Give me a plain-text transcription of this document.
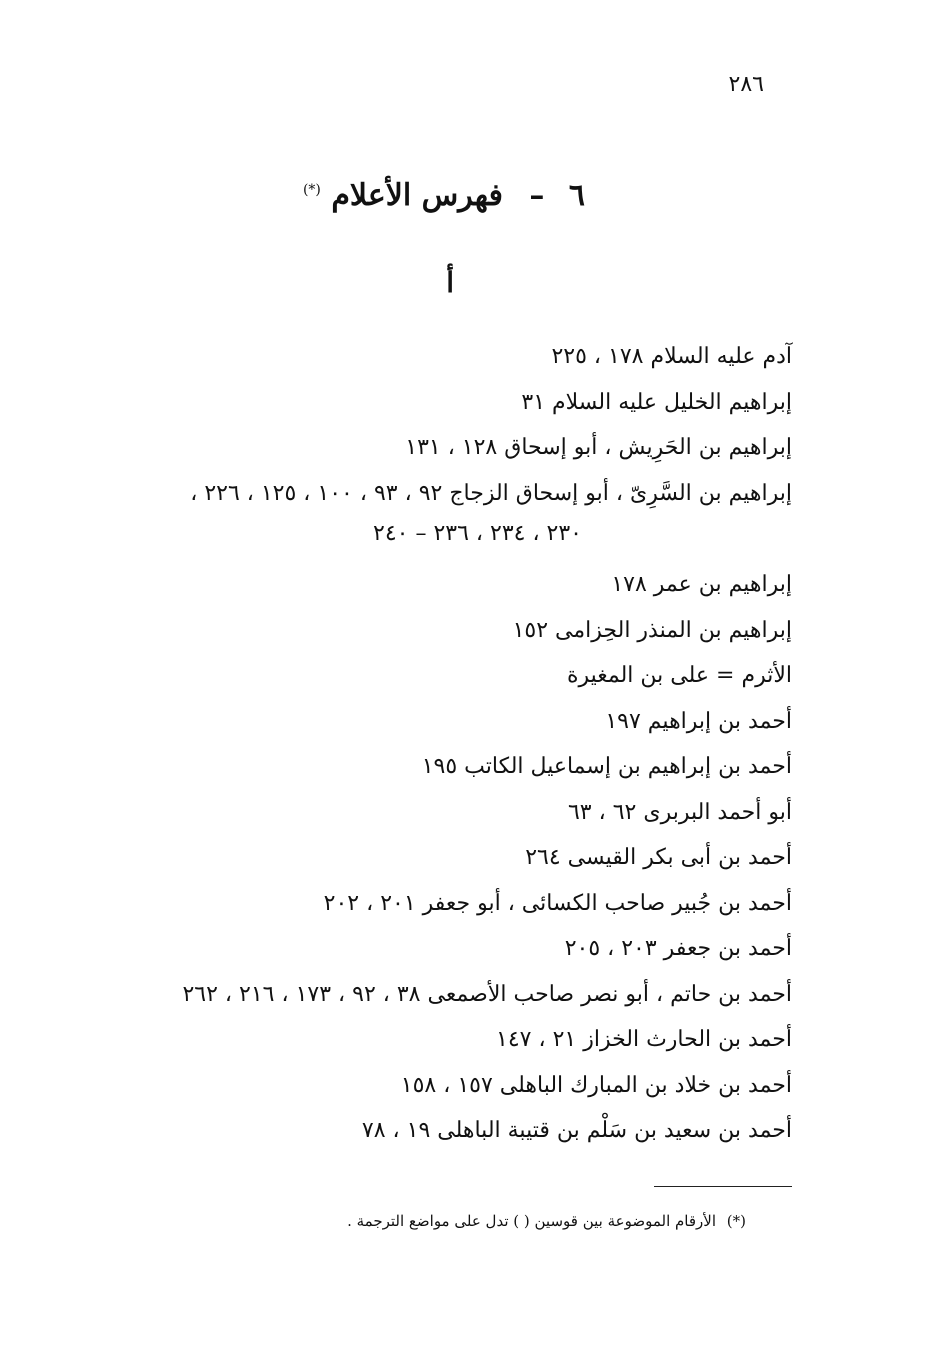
٢٨٦
٦ – فهرس الأعلام (*)
أ
آدم عليه السلام ١٧٨ ، ٢٢٥
إبراهيم الخليل عليه السلام ٣١
إبراهيم بن الحَرِيش ، أبو إسحاق ١٢٨ ، ١٣١
إبراهيم بن السَّرِىّ ، أبو إسحاق الزجاج ٩٢ ، ٩٣ ، ١٠٠ ، ١٢٥ ، ٢٢٦ ،
٢٣٠ ، ٢٣٤ ، ٢٣٦ – ٢٤٠
إبراهيم بن عمر ١٧٨
إبراهيم بن المنذر الحِزامى ١٥٢
الأثرم = على بن المغيرة
أحمد بن إبراهيم ١٩٧
أحمد بن إبراهيم بن إسماعيل الكاتب ١٩٥
أبو أحمد البربرى ٦٢ ، ٦٣
أحمد بن أبى بكر القيسى ٢٦٤
أحمد بن جُبير صاحب الكسائى ، أبو جعفر ٢٠١ ، ٢٠٢
أحمد بن جعفر ٢٠٣ ، ٢٠٥
أحمد بن حاتم ، أبو نصر صاحب الأصمعى ٣٨ ، ٩٢ ، ١٧٣ ، ٢١٦ ، ٢٦٢
أحمد بن الحارث الخزاز ٢١ ، ١٤٧
أحمد بن خلاد بن المبارك الباهلى ١٥٧ ، ١٥٨
أحمد بن سعيد بن سَلْم بن قتيبة الباهلى ١٩ ، ٧٨
(*) الأرقام الموضوعة بين قوسين ( ) تدل على مواضع الترجمة .
